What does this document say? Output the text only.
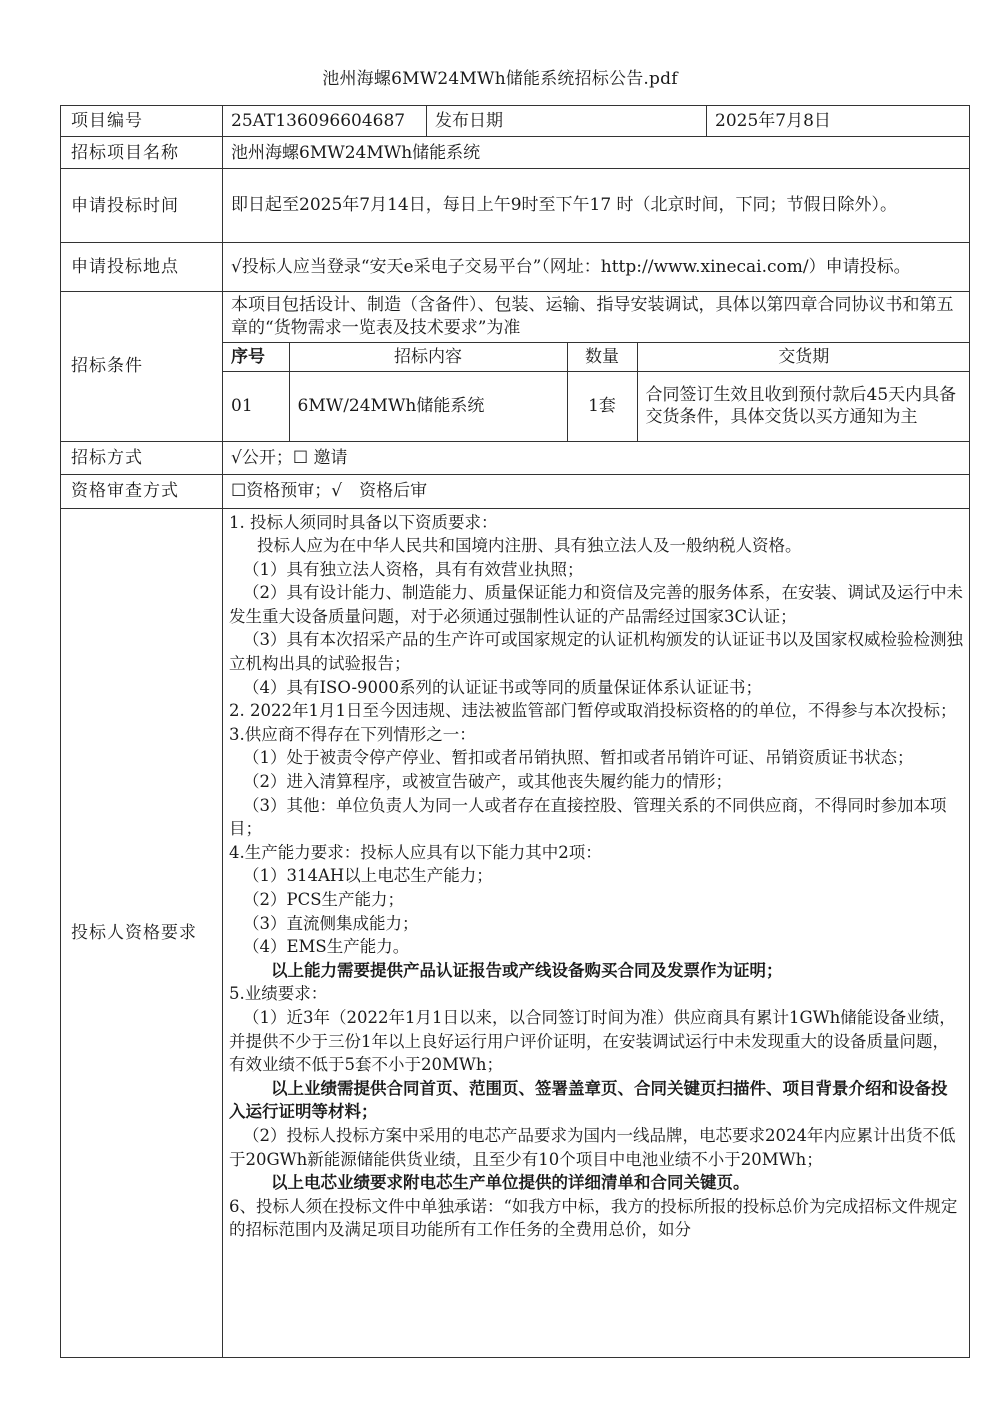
池州海螺6MW24MWh储能系统招标公告.pdf
项目编号	25AT136096604687	发布日期	2025年7月8日
招标项目名称	池州海螺6MW24MWh储能系统
申请投标时间	即日起至2025年7月14日，每日上午9时至下午17 时（北京时间，下同；节假日除外）。
申请投标地点	√投标人应当登录“安天e采电子交易平台”（网址：http://www.xinecai.com/）申请投标。
招标条件	
本项目包括设计、制造（含备件）、包装、运输、指导安装调试，具体以第四章合同协议书和第五章的“货物需求一览表及技术要求”为准
序号	招标内容	数量	交货期
01	6MW/24MWh储能系统	1套	合同签订生效且收到预付款后45天内具备交货条件，具体交货以买方通知为主

招标方式	√公开；☐ 邀请
资格审查方式	☐资格预审；√　资格后审
投标人资格要求	
1. 投标人须同时具备以下资质要求：
投标人应为在中华人民共和国境内注册、具有独立法人及一般纳税人资格。
（1）具有独立法人资格，具有有效营业执照；
（2）具有设计能力、制造能力、质量保证能力和资信及完善的服务体系，在安装、调试及运行中未发生重大设备质量问题，对于必须通过强制性认证的产品需经过国家3C认证；
（3）具有本次招采产品的生产许可或国家规定的认证机构颁发的认证证书以及国家权威检验检测独立机构出具的试验报告；
（4）具有ISO-9000系列的认证证书或等同的质量保证体系认证证书；
2. 2022年1月1日至今因违规、违法被监管部门暂停或取消投标资格的的单位，不得参与本次投标；
3.供应商不得存在下列情形之一：
（1）处于被责令停产停业、暂扣或者吊销执照、暂扣或者吊销许可证、吊销资质证书状态；
（2）进入清算程序，或被宣告破产，或其他丧失履约能力的情形；
（3）其他：单位负责人为同一人或者存在直接控股、管理关系的不同供应商，不得同时参加本项目；
4.生产能力要求：投标人应具有以下能力其中2项：
（1）314AH以上电芯生产能力；
（2）PCS生产能力；
（3）直流侧集成能力；
（4）EMS生产能力。
以上能力需要提供产品认证报告或产线设备购买合同及发票作为证明；
5.业绩要求：
（1）近3年（2022年1月1日以来，以合同签订时间为准）供应商具有累计1GWh储能设备业绩，并提供不少于三份1年以上良好运行用户评价证明，在安装调试运行中未发现重大的设备质量问题，有效业绩不低于5套不小于20MWh；
以上业绩需提供合同首页、范围页、签署盖章页、合同关键页扫描件、项目背景介绍和设备投入运行证明等材料；
（2）投标人投标方案中采用的电芯产品要求为国内一线品牌，电芯要求2024年内应累计出货不低于20GWh新能源储能供货业绩，且至少有10个项目中电池业绩不小于20MWh；
以上电芯业绩要求附电芯生产单位提供的详细清单和合同关键页。
6、投标人须在投标文件中单独承诺：“如我方中标，我方的投标所报的投标总价为完成招标文件规定的招标范围内及满足项目功能所有工作任务的全费用总价，如分
